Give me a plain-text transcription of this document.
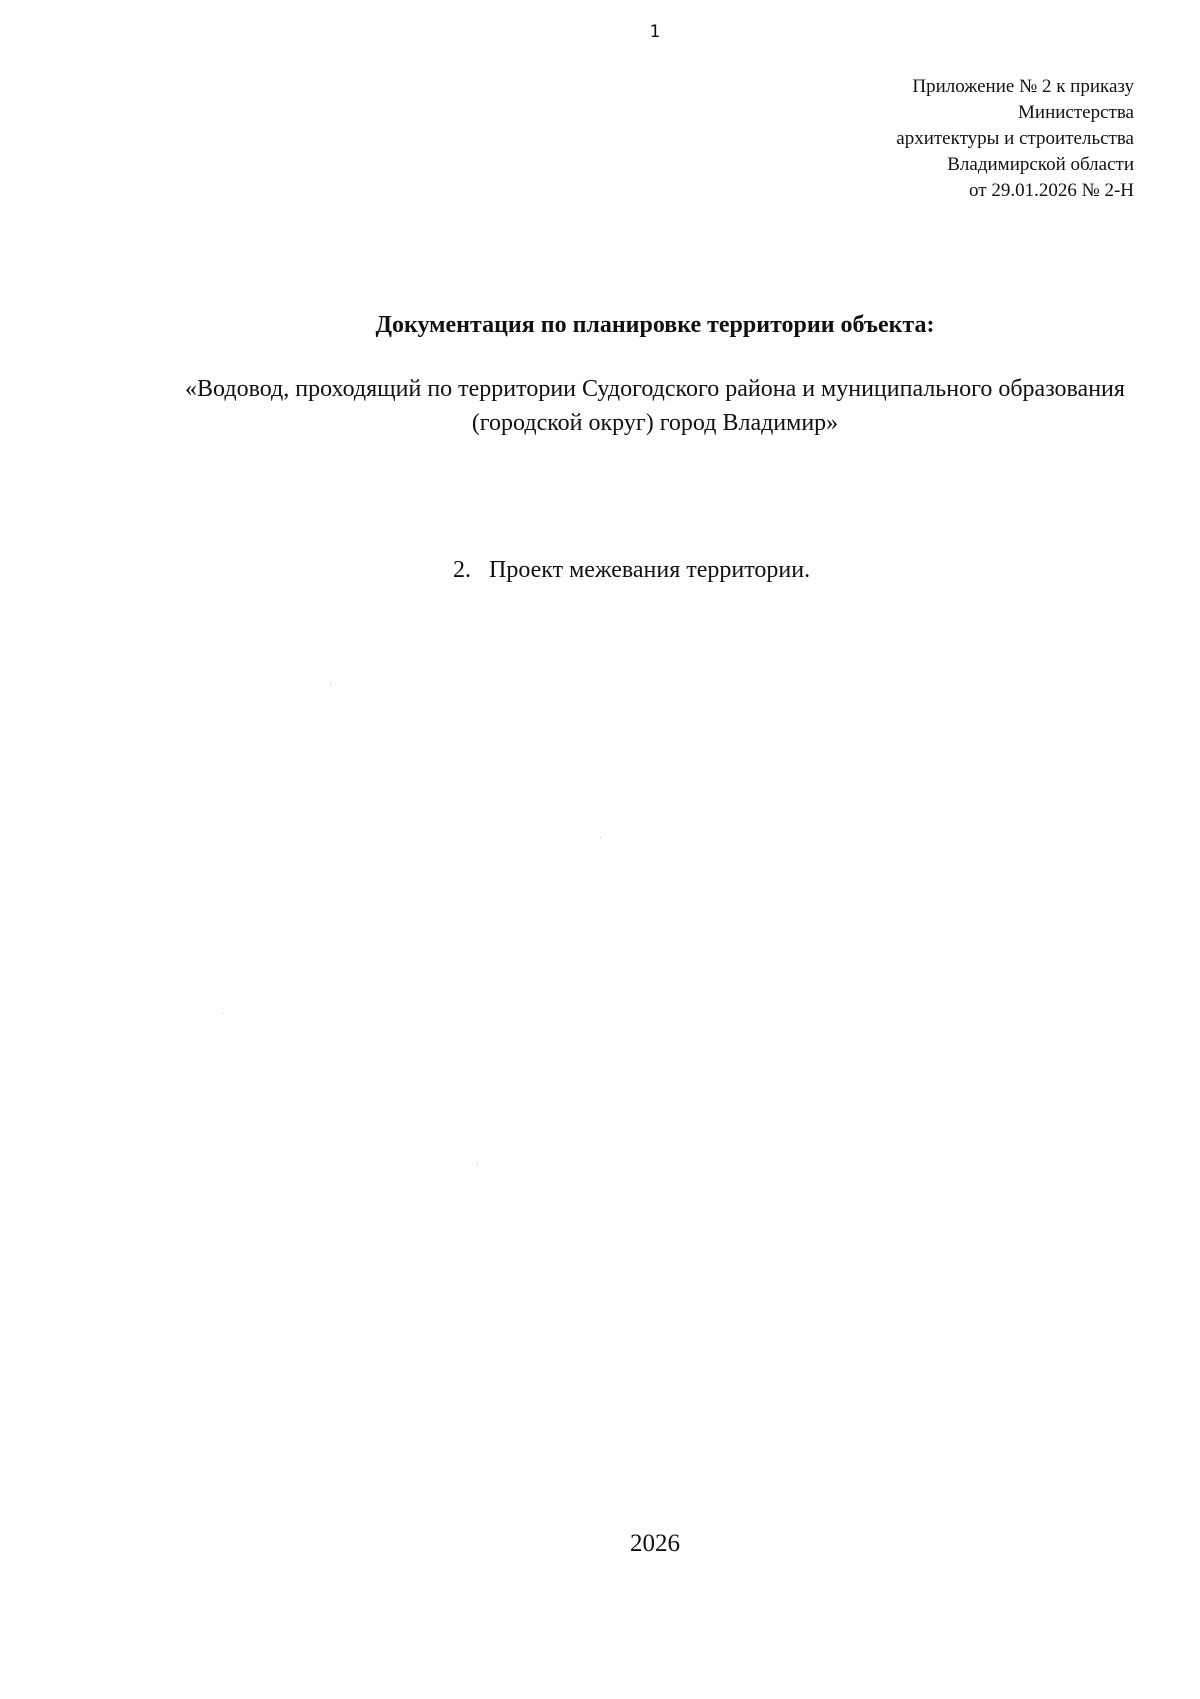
1
Приложение № 2 к приказу
Министерства
архитектуры и строительства
Владимирской области
от 29.01.2026 № 2-Н
Документация по планировке территории объекта:
«Водовод, проходящий по территории Судогодского района и муниципального образования (городской округ) город Владимир»
2. Проект межевания территории.
2026
